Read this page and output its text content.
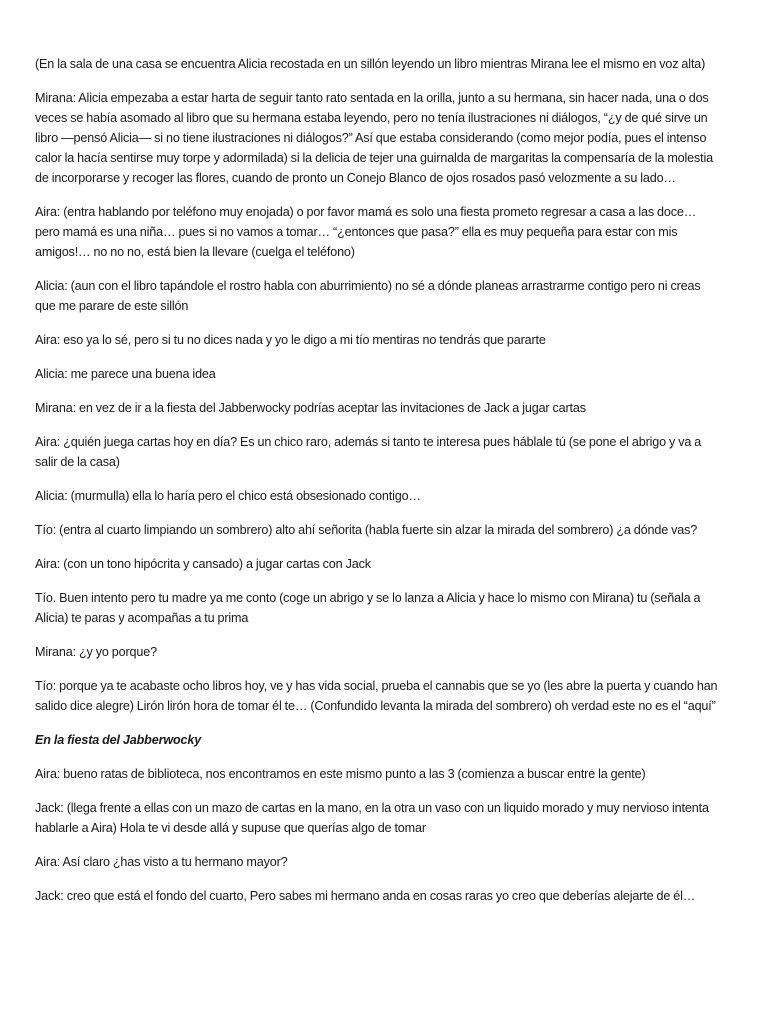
(En la sala de una casa se encuentra Alicia recostada en un sillón leyendo un libro mientras Mirana lee el mismo en voz alta)

Mirana: Alicia empezaba a estar harta de seguir tanto rato sentada en la orilla, junto a su hermana, sin hacer nada, una o dos veces se había asomado al libro que su hermana estaba leyendo, pero no tenía ilustraciones ni diálogos, “¿y de qué sirve un libro —pensó Alicia— si no tiene ilustraciones ni diálogos?” Así que estaba considerando (como mejor podía, pues el intenso calor la hacía sentirse muy torpe y adormilada) si la delicia de tejer una guirnalda de margaritas la compensaría de la molestia de incorporarse y recoger las flores, cuando de pronto un Conejo Blanco de ojos rosados pasó velozmente a su lado…

Aira: (entra hablando por teléfono muy enojada) o por favor mamá es solo una fiesta prometo regresar a casa a las doce… pero mamá es una niña… pues si no vamos a tomar… “¿entonces que pasa?” ella es muy pequeña para estar con mis amigos!… no no no, está bien la llevare (cuelga el teléfono)

Alicia: (aun con el libro tapándole el rostro habla con aburrimiento) no sé a dónde planeas arrastrarme contigo pero ni creas que me parare de este sillón

Aira: eso ya lo sé, pero si tu no dices nada y yo le digo a mi tío mentiras no tendrás que pararte

Alicia: me parece una buena idea

Mirana: en vez de ir a la fiesta del Jabberwocky podrías aceptar las invitaciones de Jack a jugar cartas

Aira: ¿quién juega cartas hoy en día? Es un chico raro, además si tanto te interesa pues háblale tú (se pone el abrigo y va a salir de la casa)

Alicia: (murmulla) ella lo haría pero el chico está obsesionado contigo…

Tío: (entra al cuarto limpiando un sombrero) alto ahí señorita (habla fuerte sin alzar la mirada del sombrero) ¿a dónde vas?

Aira: (con un tono hipócrita y cansado) a jugar cartas con Jack

Tío. Buen intento pero tu madre ya me conto (coge un abrigo y se lo lanza a Alicia y hace lo mismo con Mirana) tu (señala a Alicia) te paras y acompañas a tu prima

Mirana: ¿y yo porque?

Tío: porque ya te acabaste ocho libros hoy, ve y has vida social, prueba el cannabis que se yo (les abre la puerta y cuando han salido dice alegre) Lirón lirón hora de tomar él te… (Confundido levanta la mirada del sombrero) oh verdad este no es el “aquí”

En la fiesta del Jabberwocky

Aira: bueno ratas de biblioteca, nos encontramos en este mismo punto a las 3 (comienza a buscar entre la gente)

Jack: (llega frente a ellas con un mazo de cartas en la mano, en la otra un vaso con un liquido morado y muy nervioso intenta hablarle a Aira) Hola te vi desde allá y supuse que querías algo de tomar

Aira: Así claro ¿has visto a tu hermano mayor?

Jack: creo que está el fondo del cuarto, Pero sabes mi hermano anda en cosas raras yo creo que deberías alejarte de él…
